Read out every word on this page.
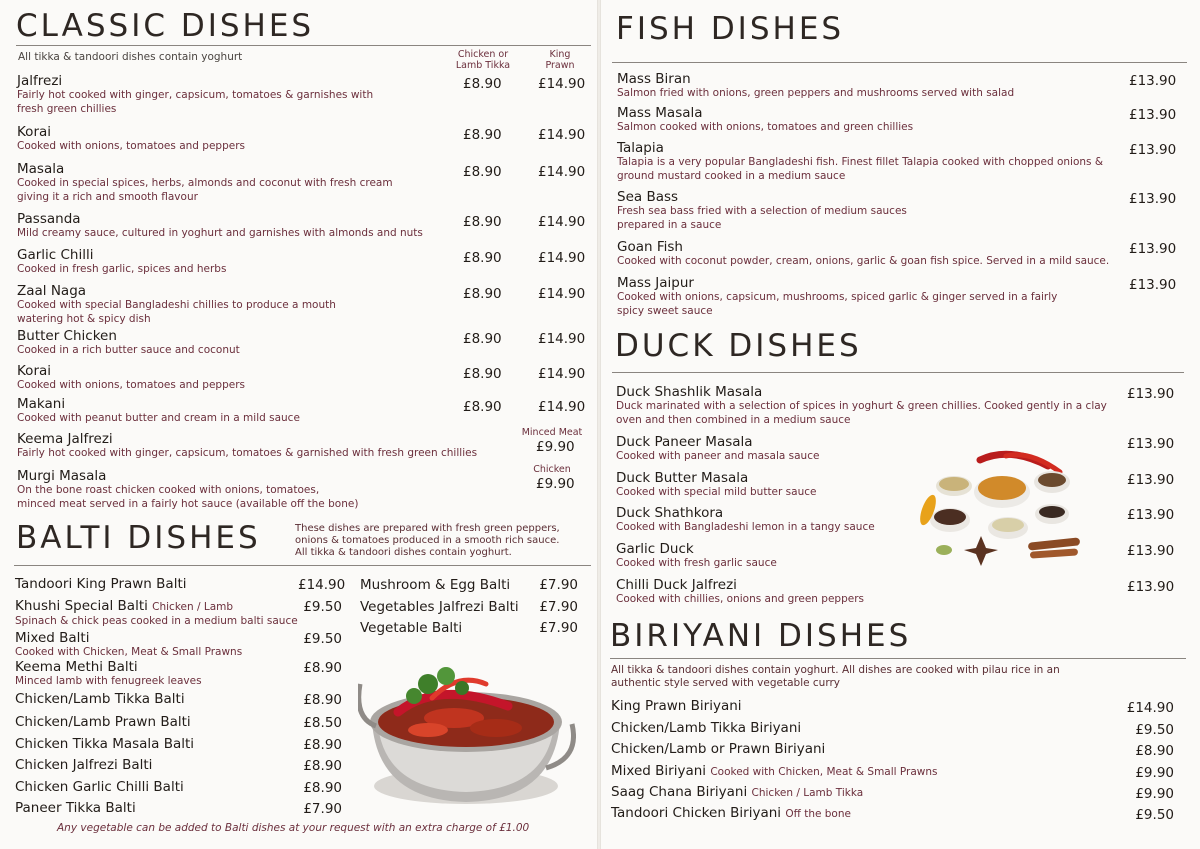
CLASSIC DISHES
All tikka & tandoori dishes contain yoghurt	Chicken or
Lamb Tikka
King
Prawn
Jalfrezi
Fairly hot cooked with ginger, capsicum, tomatoes & garnishes with
fresh green chillies
£8.90	£14.90
Korai
Cooked with onions, tomatoes and peppers
£8.90	£14.90
Masala
Cooked in special spices, herbs, almonds and coconut with fresh cream
giving it a rich and smooth flavour
£8.90	£14.90
Passanda
Mild creamy sauce, cultured in yoghurt and garnishes with almonds and nuts
£8.90	£14.90
Garlic Chilli
Cooked in fresh garlic, spices and herbs
£8.90	£14.90
Zaal Naga
Cooked with special Bangladeshi chillies to produce a mouth
watering hot & spicy dish
£8.90	£14.90
Butter Chicken
Cooked in a rich butter sauce and coconut
£8.90	£14.90
Korai
Cooked with onions, tomatoes and peppers
£8.90	£14.90
Makani
Cooked with peanut butter and cream in a mild sauce
£8.90	£14.90
Keema Jalfrezi
Fairly hot cooked with ginger, capsicum, tomatoes & garnished with fresh green chillies
Minced Meat
£9.90
Murgi Masala
On the bone roast chicken cooked with onions, tomatoes,
minced meat served in a fairly hot sauce (available off the bone)
Chicken
£9.90
BALTI DISHES	These dishes are prepared with fresh green peppers,
onions & tomatoes produced in a smooth rich sauce.
All tikka & tandoori dishes contain yoghurt.
Tandoori King Prawn Balti	£14.90
Khushi Special Balti Chicken / Lamb
Spinach & chick peas cooked in a medium balti sauce
£9.50
Mixed Balti
Cooked with Chicken, Meat & Small Prawns
£9.50
Keema Methi Balti
Minced lamb with fenugreek leaves
£8.90
Chicken/Lamb Tikka Balti	£8.90
Chicken/Lamb Prawn Balti	£8.50
Chicken Tikka Masala Balti	£8.90
Chicken Jalfrezi Balti	£8.90
Chicken Garlic Chilli Balti	£8.90
Paneer Tikka Balti	£7.90
Mushroom & Egg Balti £7.90
Vegetables Jalfrezi Balti £7.90
Vegetable Balti	£7.90
Any vegetable can be added to Balti dishes at your request with an extra charge of £1.00
FISH DISHES
Mass Biran
Salmon fried with onions, green peppers and mushrooms served with salad
£13.90
Mass Masala
Salmon cooked with onions, tomatoes and green chillies
£13.90
Talapia
Talapia is a very popular Bangladeshi fish. Finest fillet Talapia cooked with chopped onions &
ground mustard cooked in a medium sauce
£13.90
Sea Bass
Fresh sea bass fried with a selection of medium sauces
prepared in a sauce
£13.90
Goan Fish
Cooked with coconut powder, cream, onions, garlic & goan fish spice. Served in a mild sauce.
£13.90
Mass Jaipur
Cooked with onions, capsicum, mushrooms, spiced garlic & ginger served in a fairly
spicy sweet sauce
£13.90
DUCK DISHES
Duck Shashlik Masala
Duck marinated with a selection of spices in yoghurt & green chillies. Cooked gently in a clay
oven and then combined in a medium sauce
£13.90
Duck Paneer Masala
Cooked with paneer and masala sauce
£13.90
Duck Butter Masala
Cooked with special mild butter sauce
£13.90
Duck Shathkora
Cooked with Bangladeshi lemon in a tangy sauce
£13.90
Garlic Duck
Cooked with fresh garlic sauce
£13.90
Chilli Duck Jalfrezi
Cooked with chillies, onions and green peppers
£13.90
BIRIYANI DISHES
All tikka & tandoori dishes contain yoghurt. All dishes are cooked with pilau rice in an
authentic style served with vegetable curry
King Prawn Biriyani	£14.90
Chicken/Lamb Tikka Biriyani	£9.50
Chicken/Lamb or Prawn Biriyani	£8.90
Mixed Biriyani Cooked with Chicken, Meat & Small Prawns	£9.90
Saag Chana Biriyani Chicken / Lamb Tikka	£9.90
Tandoori Chicken Biriyani Off the bone	£9.50
